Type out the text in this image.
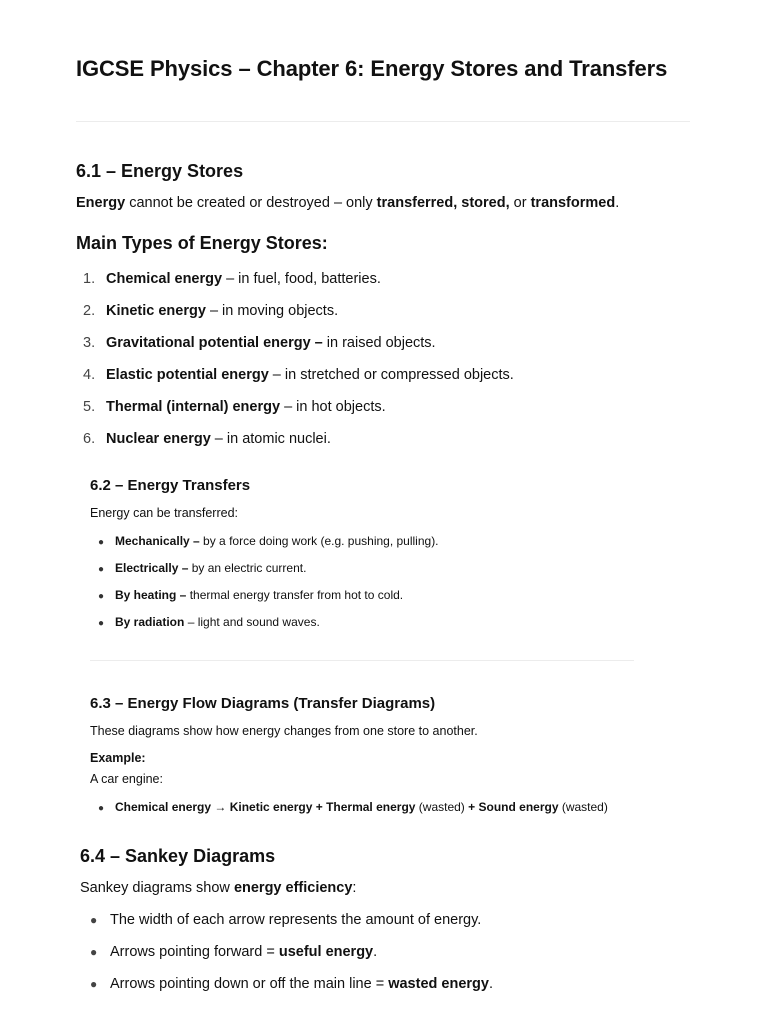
IGCSE Physics – Chapter 6: Energy Stores and Transfers
6.1 – Energy Stores

Energy cannot be created or destroyed – only transferred, stored, or transformed.

Main Types of Energy Stores:
1. Chemical energy – in fuel, food, batteries.
2. Kinetic energy – in moving objects.
3. Gravitational potential energy – in raised objects.
4. Elastic potential energy – in stretched or compressed objects.
5. Thermal (internal) energy – in hot objects.
6. Nuclear energy – in atomic nuclei.
6.2 – Energy Transfers

Energy can be transferred:

● Mechanically – by a force doing work (e.g. pushing, pulling).
● Electrically – by an electric current.
● By heating – thermal energy transfer from hot to cold.
● By radiation – light and sound waves.
6.3 – Energy Flow Diagrams (Transfer Diagrams)

These diagrams show how energy changes from one store to another.

Example:

A car engine:

● Chemical energy → Kinetic energy + Thermal energy (wasted) + Sound energy (wasted)
6.4 – Sankey Diagrams

Sankey diagrams show energy efficiency:

● The width of each arrow represents the amount of energy.
● Arrows pointing forward = useful energy.
● Arrows pointing down or off the main line = wasted energy.
